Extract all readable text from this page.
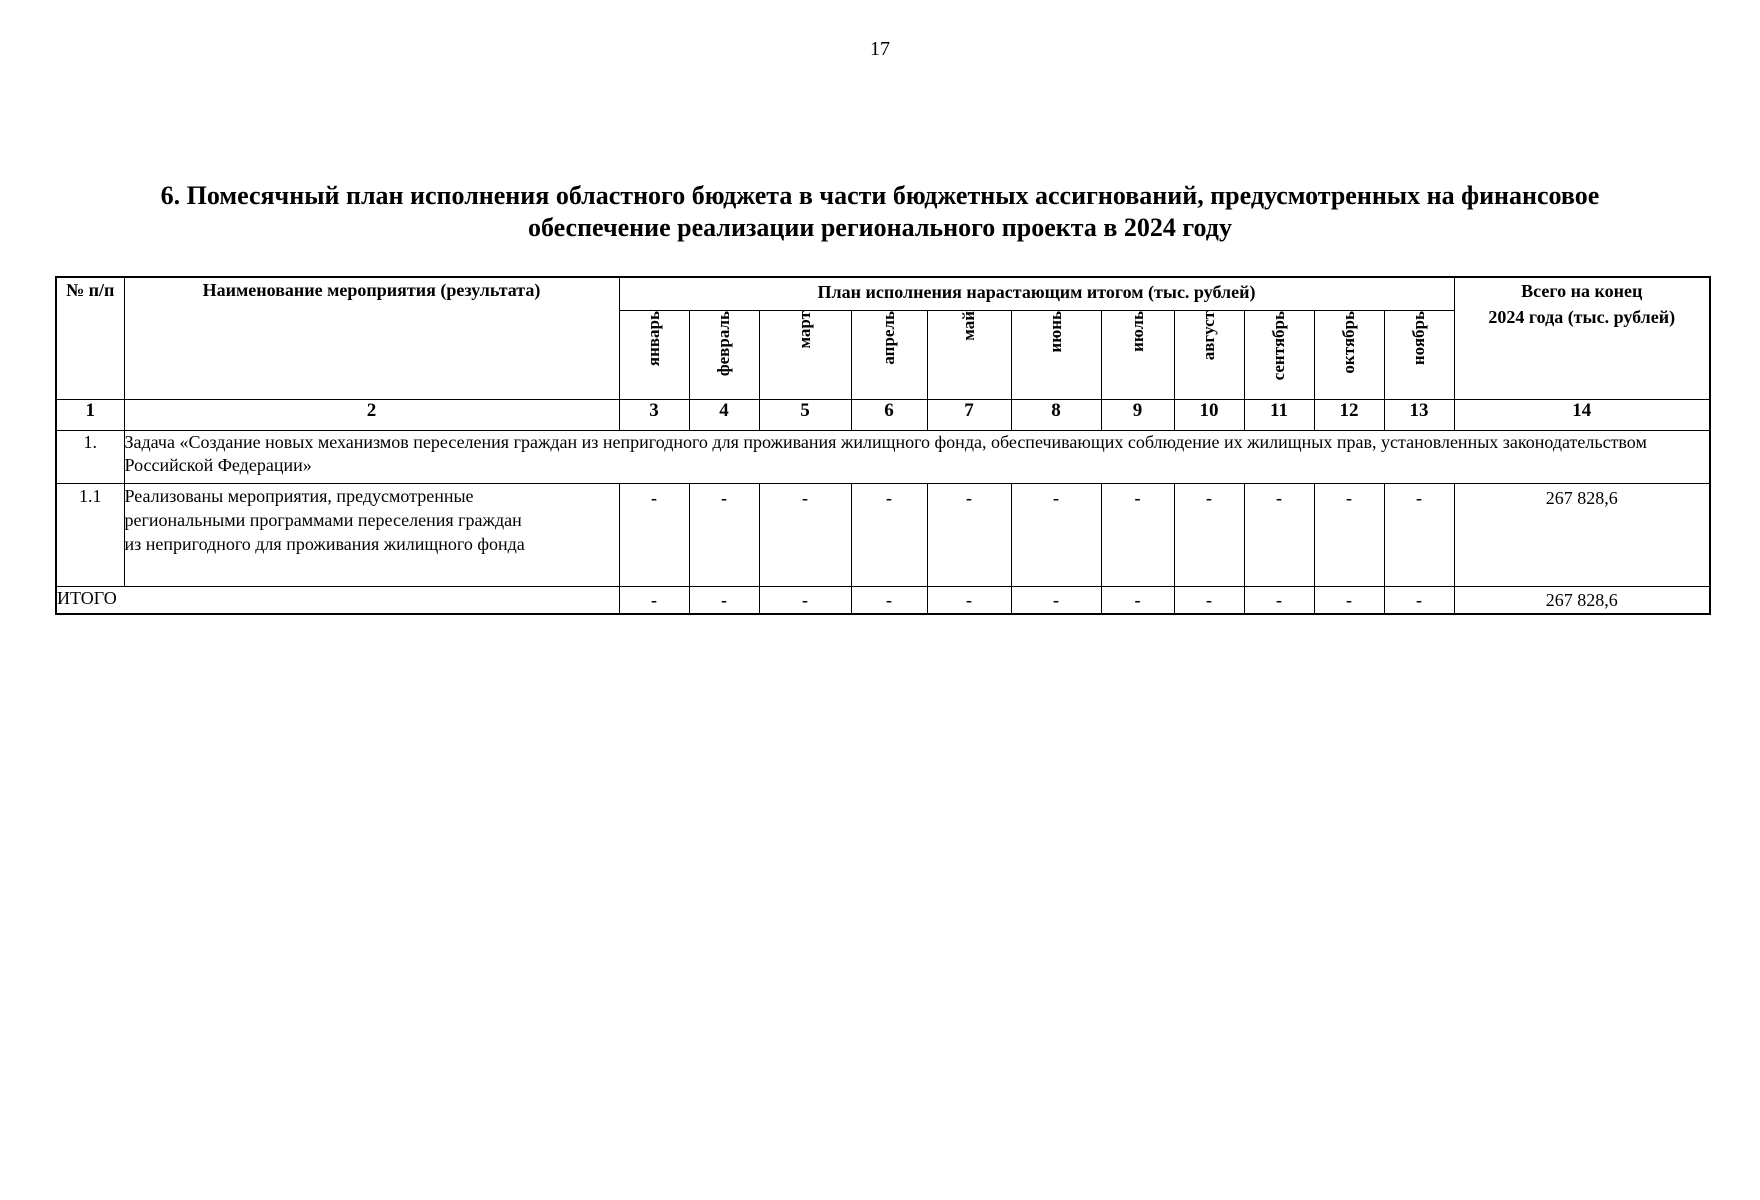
17
6. Помесячный план исполнения областного бюджета в части бюджетных ассигнований, предусмотренных на финансовое
обеспечение реализации регионального проекта в 2024 году
№ п/п	Наименование мероприятия (результата)	План исполнения нарастающим итогом (тыс. рублей)											Всего на конец
2024 года (тыс. рублей)

		январь	февраль	март	апрель	май	июнь	июль	август	сентябрь	октябрь	ноябрь	
1	2	3	4	5	6	7	8	9	10	11	12	13	14
1.	Задача «Создание новых механизмов переселения граждан из непригодного для проживания жилищного фонда, обеспечивающих соблюдение их жилищных прав, установленных законодательством Российской Федерации»												
1.1	Реализованы мероприятия, предусмотренные
региональными программами переселения граждан
из непригодного для проживания жилищного фонда	-	-	-	-	-	-	-	-	-	-	-	267 828,6
ИТОГО		-	-	-	-	-	-	-	-	-	-	-	267 828,6
